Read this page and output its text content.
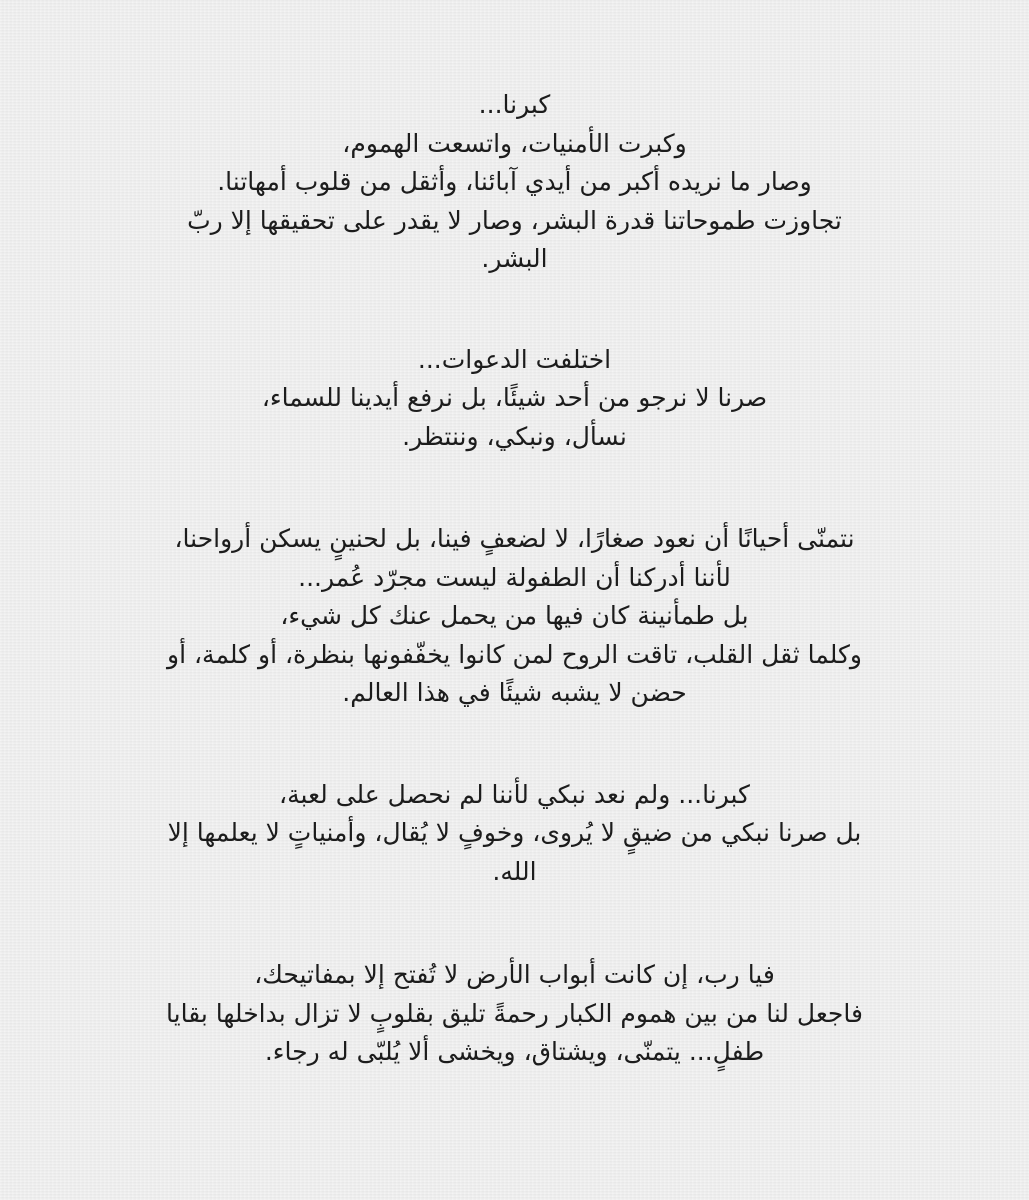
كبرنا...
وكبرت الأمنيات، واتسعت الهموم،
وصار ما نريده أكبر من أيدي آبائنا، وأثقل من قلوب أمهاتنا.
تجاوزت طموحاتنا قدرة البشر، وصار لا يقدر على تحقيقها إلا ربّ
البشر.
اختلفت الدعوات...
صرنا لا نرجو من أحد شيئًا، بل نرفع أيدينا للسماء،
نسأل، ونبكي، وننتظر.
نتمنّى أحيانًا أن نعود صغارًا، لا لضعفٍ فينا، بل لحنينٍ يسكن أرواحنا،
لأننا أدركنا أن الطفولة ليست مجرّد عُمر...
بل طمأنينة كان فيها من يحمل عنك كل شيء،
وكلما ثقل القلب، تاقت الروح لمن كانوا يخفّفونها بنظرة، أو كلمة، أو
حضن لا يشبه شيئًا في هذا العالم.
كبرنا... ولم نعد نبكي لأننا لم نحصل على لعبة،
بل صرنا نبكي من ضيقٍ لا يُروى، وخوفٍ لا يُقال، وأمنياتٍ لا يعلمها إلا
الله.
فيا رب، إن كانت أبواب الأرض لا تُفتح إلا بمفاتيحك،
فاجعل لنا من بين هموم الكبار رحمةً تليق بقلوبٍ لا تزال بداخلها بقايا
طفلٍ... يتمنّى، ويشتاق، ويخشى ألا يُلبّى له رجاء.
